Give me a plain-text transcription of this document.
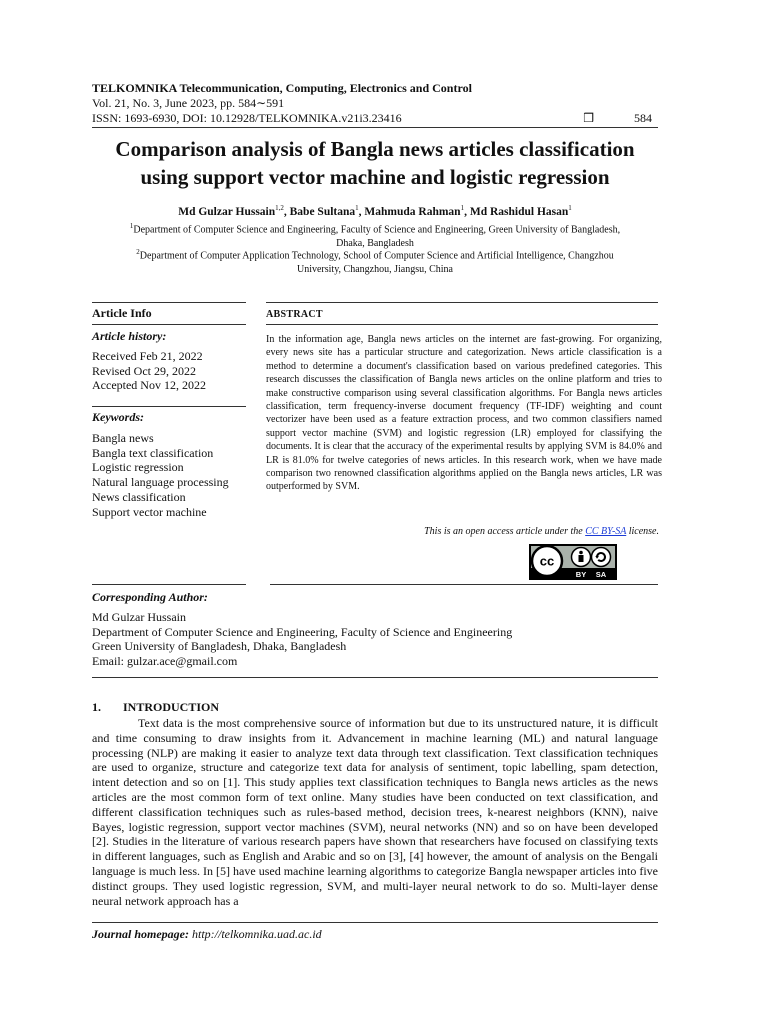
TELKOMNIKA Telecommunication, Computing, Electronics and Control
Vol. 21, No. 3, June 2023, pp. 584∼591
ISSN: 1693-6930, DOI: 10.12928/TELKOMNIKA.v21i3.23416	❒	584
Comparison analysis of Bangla news articles classification
using support vector machine and logistic regression
Md Gulzar Hussain$^{1,2}$, Babe Sultana$^1$, Mahmuda Rahman$^1$, Md Rashidul Hasan$^1$
$^1$Department of Computer Science and Engineering, Faculty of Science and Engineering, Green University of Bangladesh,
Dhaka, Bangladesh
$^2$Department of Computer Application Technology, School of Computer Science and Artificial Intelligence, Changzhou
University, Changzhou, Jiangsu, China
Article Info
Article history:
Received Feb 21, 2022
Revised Oct 29, 2022
Accepted Nov 12, 2022
Keywords:
Bangla news
Bangla text classification
Logistic regression
Natural language processing
News classification
Support vector machine
ABSTRACT
In the information age, Bangla news articles on the internet are fast-growing. For organizing, every news site has a particular structure and categorization. News article classification is a method to determine a document's classification based on various predefined categories. This research discusses the classification of Bangla news articles on the online platform and tries to make constructive comparison using several classification algorithms. For Bangla news articles classification, term frequency-inverse document frequency (TF-IDF) weighting and count vectorizer have been used as a feature extraction process, and two common classifiers named support vector machine (SVM) and logistic regression (LR) employed for classifying the documents. It is clear that the accuracy of the experimental results by applying SVM is 84.0% and LR is 81.0% for twelve categories of news articles. In this research work, when we have made comparison two renowned classification algorithms applied on the Bangla news articles, LR was outperformed by SVM.
This is an open access article under the CC BY-SA license.
cc
BY SA
Corresponding Author:
Md Gulzar Hussain
Department of Computer Science and Engineering, Faculty of Science and Engineering
Green University of Bangladesh, Dhaka, Bangladesh
Email: gulzar.ace@gmail.com
1. INTRODUCTION
Text data is the most comprehensive source of information but due to its unstructured nature, it is difficult and time consuming to draw insights from it. Advancement in machine learning (ML) and natural language processing (NLP) are making it easier to analyze text data through text classification. Text classification techniques are used to organize, structure and categorize text data for analysis of sentiment, topic labelling, spam detection, intent detection and so on [1]. This study applies text classification techniques to Bangla news articles as the news articles are the most common form of text online. Many studies have been conducted on text classification, and different classification techniques such as rules-based method, decision trees, k-nearest neighbors (KNN), naive Bayes, logistic regression, support vector machines (SVM), neural networks (NN) and so on have been developed [2]. Studies in the literature of various research papers have shown that researchers have focused on classifying texts in different languages, such as English and Arabic and so on [3], [4] however, the amount of analysis on the Bengali language is much less. In [5] have used machine learning algorithms to categorize Bangla newspaper articles into five distinct groups. They used logistic regression, SVM, and multi-layer neural network to do so. Multi-layer dense neural network approach has a
Journal homepage: http://telkomnika.uad.ac.id
